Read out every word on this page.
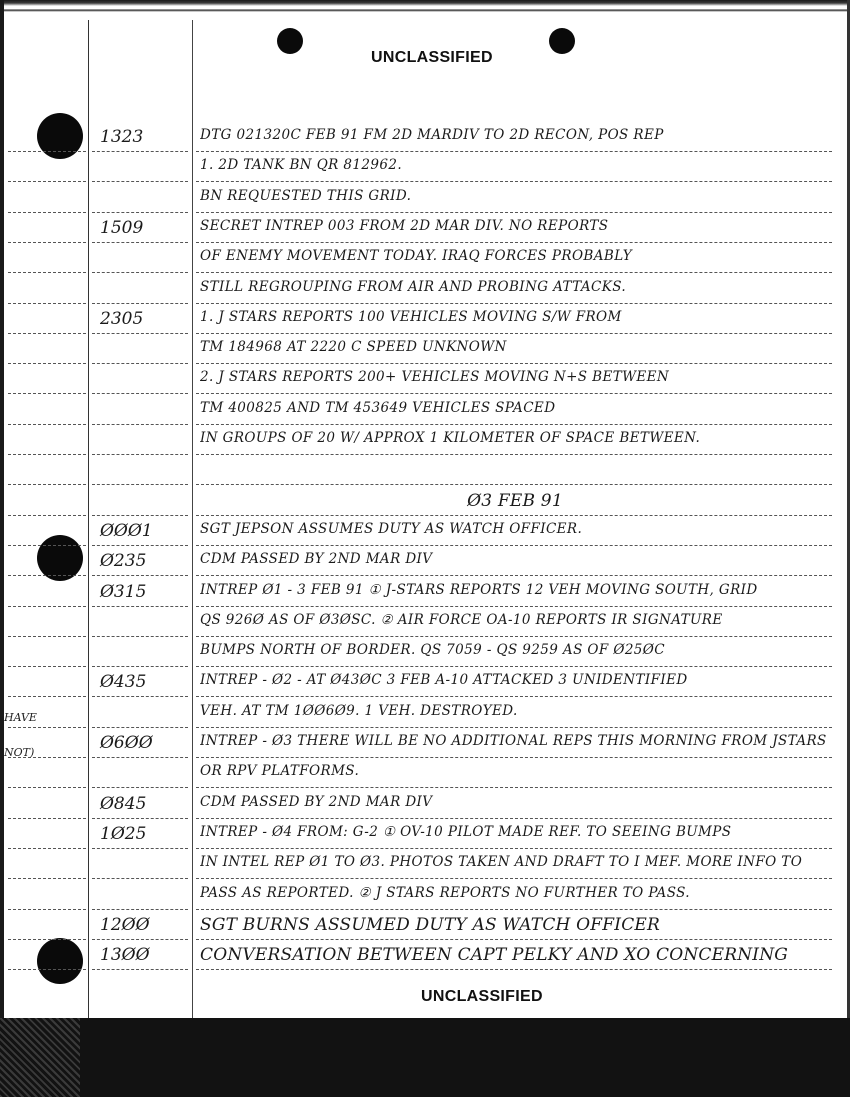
UNCLASSIFIED
1323	DTG 021320C FEB 91 FM 2D MARDIV TO 2D RECON, POS REP
1. 2D TANK BN QR 812962.
BN REQUESTED THIS GRID.
1509	SECRET INTREP 003 FROM 2D MAR DIV. NO REPORTS
OF ENEMY MOVEMENT TODAY. IRAQ FORCES PROBABLY
STILL REGROUPING FROM AIR AND PROBING ATTACKS.
2305	1. J STARS REPORTS 100 VEHICLES MOVING S/W FROM
TM 184968 AT 2220 C SPEED UNKNOWN
2. J STARS REPORTS 200+ VEHICLES MOVING N+S BETWEEN
TM 400825 AND TM 453649 VEHICLES SPACED
IN GROUPS OF 20 W/ APPROX 1 KILOMETER OF SPACE BETWEEN.
Ø3 FEB 91
ØØØ1	SGT JEPSON ASSUMES DUTY AS WATCH OFFICER.
Ø235	CDM PASSED BY 2ND MAR DIV
Ø315	INTREP Ø1 - 3 FEB 91 ① J-STARS REPORTS 12 VEH MOVING SOUTH, GRID
QS 926Ø AS OF Ø3ØSC. ② AIR FORCE OA-10 REPORTS IR SIGNATURE
BUMPS NORTH OF BORDER. QS 7059 - QS 9259 AS OF Ø25ØC
Ø435	INTREP - Ø2 - AT Ø43ØC 3 FEB A-10 ATTACKED 3 UNIDENTIFIED
VEH. AT TM 1ØØ6Ø9. 1 VEH. DESTROYED.
Ø6ØØ	INTREP - Ø3 THERE WILL BE NO ADDITIONAL REPS THIS MORNING FROM JSTARS
OR RPV PLATFORMS.
Ø845	CDM PASSED BY 2ND MAR DIV
1Ø25	INTREP - Ø4 FROM: G-2 ① OV-10 PILOT MADE REF. TO SEEING BUMPS
IN INTEL REP Ø1 TO Ø3. PHOTOS TAKEN AND DRAFT TO I MEF. MORE INFO TO
PASS AS REPORTED. ② J STARS REPORTS NO FURTHER TO PASS.
12ØØ	SGT BURNS ASSUMED DUTY AS WATCH OFFICER
13ØØ	CONVERSATION BETWEEN CAPT PELKY AND XO CONCERNING
HAVE
NOT)
UNCLASSIFIED
